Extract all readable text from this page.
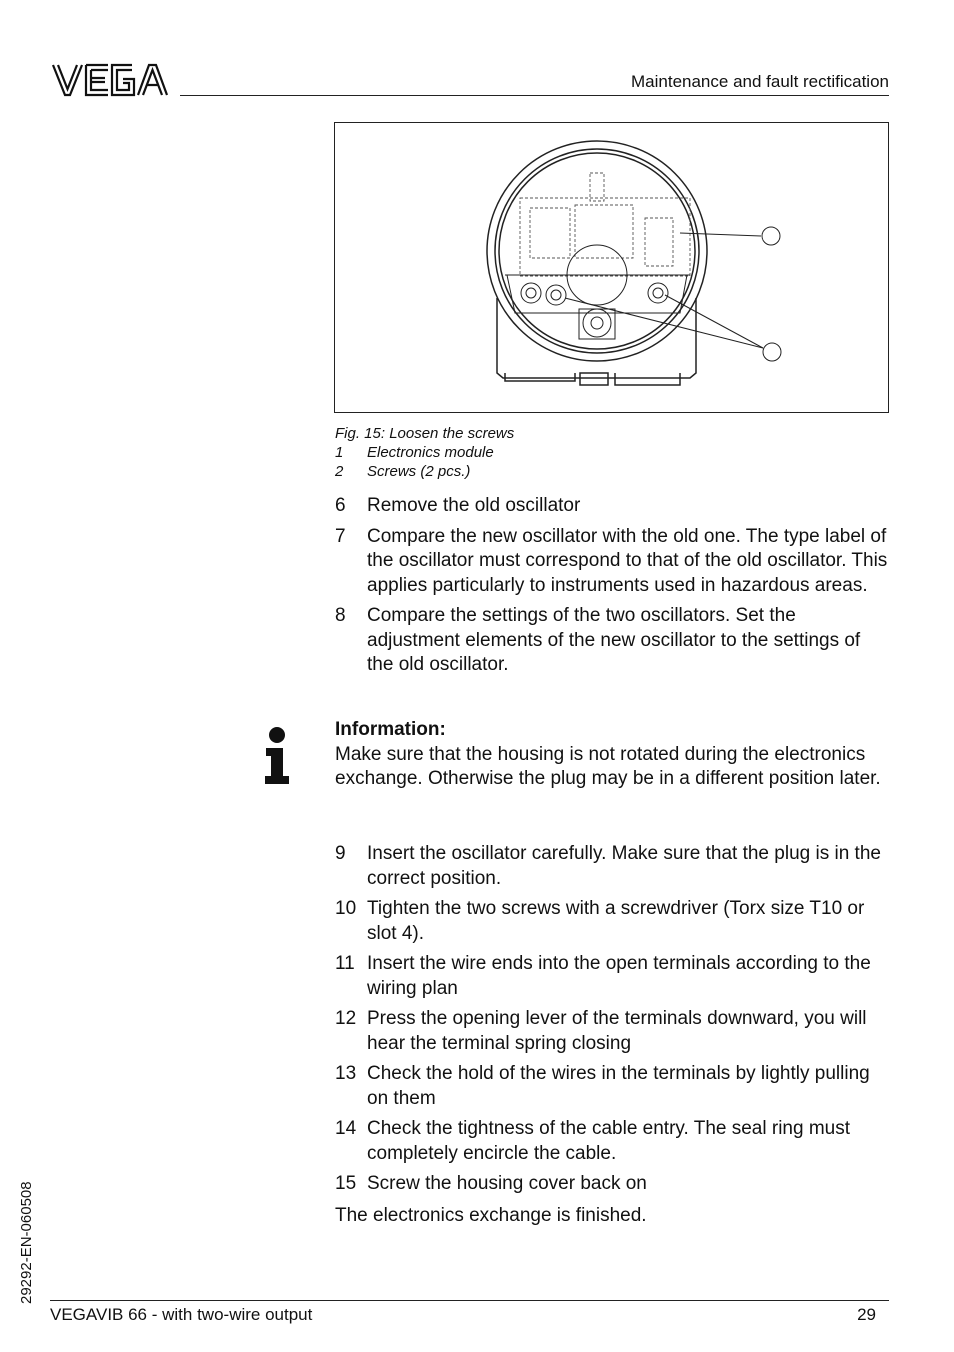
Maintenance and fault rectification
Fig. 15: Loosen the screws
1	Electronics module
2	Screws (2 pcs.)
6	Remove the old oscillator
7	Compare the new oscillator with the old one. The type label of the oscillator must correspond to that of the old oscillator. This applies particularly to instruments used in hazardous areas.
8	Compare the settings of the two oscillators. Set the adjustment elements of the new oscillator to the settings of the old oscillator.
Information:
Make sure that the housing is not rotated during the electronics exchange. Otherwise the plug may be in a different position later.
9	Insert the oscillator carefully. Make sure that the plug is in the correct position.
10 Tighten the two screws with a screwdriver (Torx size T10 or slot 4).
11 Insert the wire ends into the open terminals according to the wiring plan
12 Press the opening lever of the terminals downward, you will hear the terminal spring closing
13 Check the hold of the wires in the terminals by lightly pulling on them
14 Check the tightness of the cable entry. The seal ring must completely encircle the cable.
15 Screw the housing cover back on
The electronics exchange is finished.
29292-EN-060508
VEGAVIB 66 - with two-wire output	29
